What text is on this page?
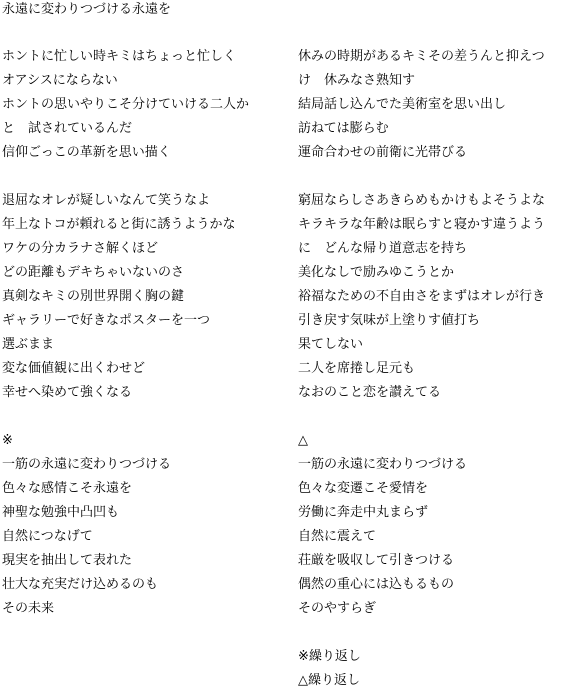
永遠に変わりつづける永遠を
ホントに忙しい時キミはちょっと忙しく
オアシスにならない
ホントの思いやりこそ分けていける二人か
と　試されているんだ
信仰ごっこの革新を思い描く
退屈なオレが疑しいなんて笑うなよ
年上なトコが頼れると街に誘うようかな
ワケの分カラナさ解くほど
どの距離もデキちゃいないのさ
真剣なキミの別世界開く胸の鍵
ギャラリーで好きなポスターを一つ
選ぶまま
変な価値観に出くわせど
幸せへ染めて強くなる
※
一筋の永遠に変わりつづける
色々な感情こそ永遠を
神聖な勉強中凸凹も
自然につなげて
現実を抽出して表れた
壮大な充実だけ込めるのも
その未来
休みの時期があるキミその差うんと抑えつ
け　休みなさ熟知す
結局話し込んでた美術室を思い出し
訪ねては膨らむ
運命合わせの前衛に光帯びる
窮屈ならしさあきらめもかけもよそうよな
キラキラな年齢は眠らすと寝かす違うよう
に　どんな帰り道意志を持ち
美化なしで励みゆこうとか
裕福なための不自由さをまずはオレが行き
引き戻す気味が上塗りす値打ち
果てしない
二人を席捲し足元も
なおのこと恋を讃えてる
△
一筋の永遠に変わりつづける
色々な変遷こそ愛情を
労働に奔走中丸まらず
自然に震えて
荘厳を吸収して引きつける
偶然の重心には込もるもの
そのやすらぎ
※繰り返し
△繰り返し
